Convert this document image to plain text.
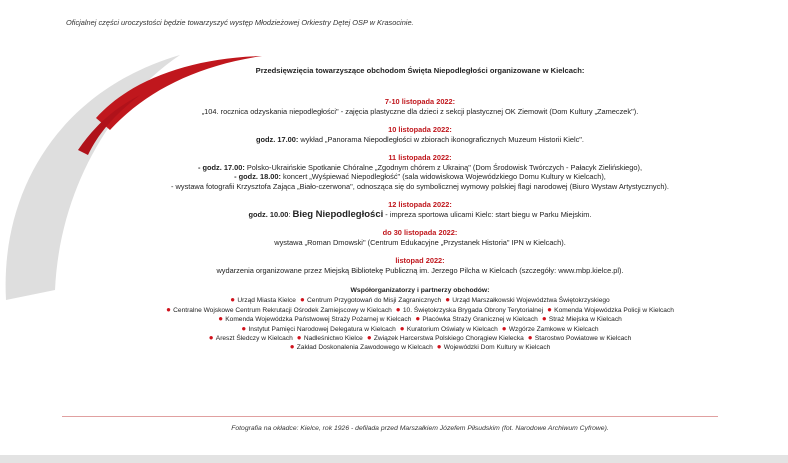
Oficjalnej części uroczystości będzie towarzyszyć występ Młodzieżowej Orkiestry Dętej OSP w Krasocinie.
Przedsięwzięcia towarzyszące obchodom Święta Niepodległości organizowane w Kielcach:
7-10 listopada 2022:
„104. rocznica odzyskania niepodległości" - zajęcia plastyczne dla dzieci z sekcji plastycznej OK Ziemowit (Dom Kultury „Zameczek").
10 listopada 2022:
godz. 17.00: wykład „Panorama Niepodległości w zbiorach ikonograficznych Muzeum Historii Kielc".
11 listopada 2022:
- godz. 17.00: Polsko-Ukraińskie Spotkanie Chóralne „Zgodnym chórem z Ukrainą" (Dom Środowisk Twórczych - Pałacyk Zielińskiego),
- godz. 18.00: koncert „Wyśpiewać Niepodległość" (sala widowiskowa Wojewódzkiego Domu Kultury w Kielcach),
- wystawa fotografii Krzysztofa Zająca „Biało-czerwona", odnosząca się do symbolicznej wymowy polskiej flagi narodowej (Biuro Wystaw Artystycznych).
12 listopada 2022:
godz. 10.00: Bieg Niepodległości - impreza sportowa ulicami Kielc: start biegu w Parku Miejskim.
do 30 listopada 2022:
wystawa „Roman Dmowski" (Centrum Edukacyjne „Przystanek Historia" IPN w Kielcach).
listopad 2022:
wydarzenia organizowane przez Miejską Bibliotekę Publiczną im. Jerzego Pilcha w Kielcach (szczegóły: www.mbp.kielce.pl).
Współorganizatorzy i partnerzy obchodów:
● Urząd Miasta Kielce ● Centrum Przygotowań do Misji Zagranicznych ● Urząd Marszałkowski Województwa Świętokrzyskiego
● Centralne Wojskowe Centrum Rekrutacji Ośrodek Zamiejscowy w Kielcach ● 10. Świętokrzyska Brygada Obrony Terytorialnej ● Komenda Wojewódzka Policji w Kielcach
● Komenda Wojewódzka Państwowej Straży Pożarnej w Kielcach ● Placówka Straży Granicznej w Kielcach ● Straż Miejska w Kielcach
● Instytut Pamięci Narodowej Delegatura w Kielcach ● Kuratorium Oświaty w Kielcach ● Wzgórze Zamkowe w Kielcach
● Areszt Śledczy w Kielcach ● Nadleśnictwo Kielce ● Związek Harcerstwa Polskiego Chorągiew Kielecka ● Starostwo Powiatowe w Kielcach
● Zakład Doskonalenia Zawodowego w Kielcach ● Wojewódzki Dom Kultury w Kielcach
Fotografia na okładce: Kielce, rok 1926 - defilada przed Marszałkiem Józefem Piłsudskim (fot. Narodowe Archiwum Cyfrowe).
